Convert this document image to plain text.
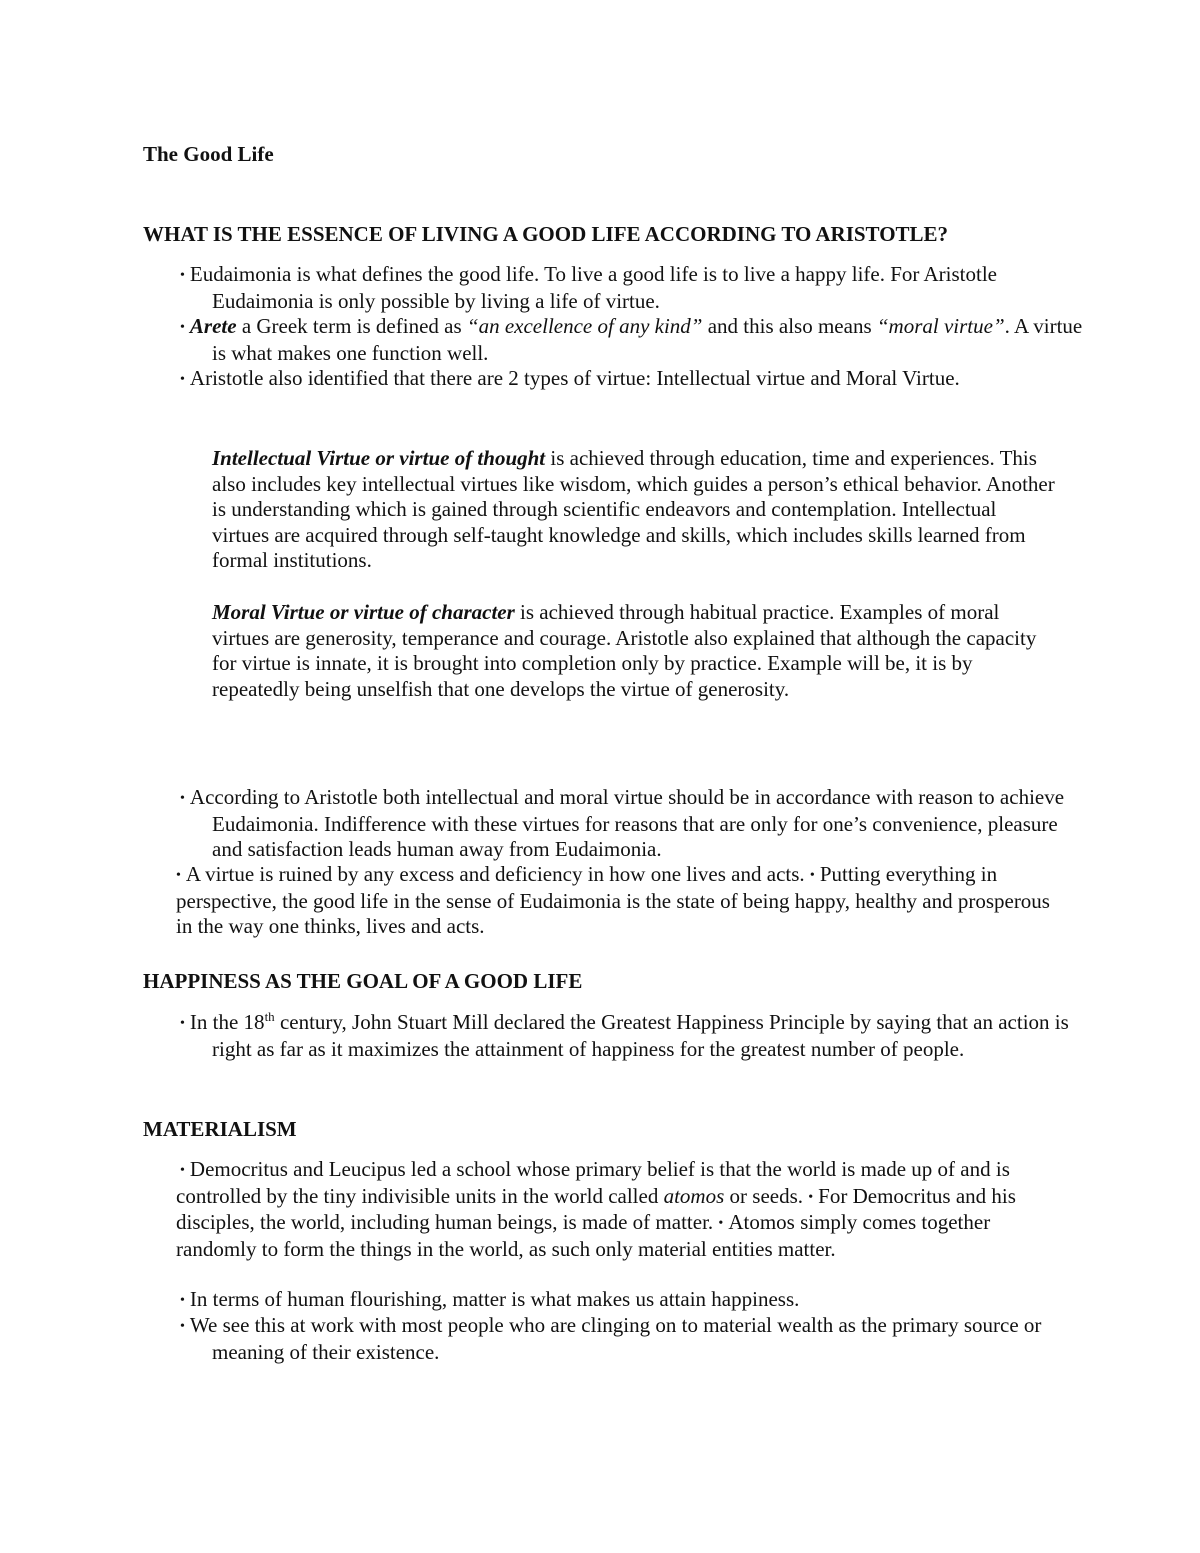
The Good Life

WHAT IS THE ESSENCE OF LIVING A GOOD LIFE ACCORDING TO ARISTOTLE?

• Eudaimonia is what defines the good life. To live a good life is to live a happy life. For Aristotle Eudaimonia is only possible by living a life of virtue.

• Arete a Greek term is defined as “an excellence of any kind” and this also means “moral virtue”. A virtue is what makes one function well.

• Aristotle also identified that there are 2 types of virtue: Intellectual virtue and Moral Virtue.

Intellectual Virtue or virtue of thought is achieved through education, time and experiences. This also includes key intellectual virtues like wisdom, which guides a person’s ethical behavior. Another is understanding which is gained through scientific endeavors and contemplation. Intellectual virtues are acquired through self-taught knowledge and skills, which includes skills learned from formal institutions.

Moral Virtue or virtue of character is achieved through habitual practice. Examples of moral virtues are generosity, temperance and courage. Aristotle also explained that although the capacity for virtue is innate, it is brought into completion only by practice. Example will be, it is by repeatedly being unselfish that one develops the virtue of generosity.

• According to Aristotle both intellectual and moral virtue should be in accordance with reason to achieve Eudaimonia. Indifference with these virtues for reasons that are only for one’s convenience, pleasure and satisfaction leads human away from Eudaimonia.

• A virtue is ruined by any excess and deficiency in how one lives and acts. • Putting everything in perspective, the good life in the sense of Eudaimonia is the state of being happy, healthy and prosperous in the way one thinks, lives and acts.

HAPPINESS AS THE GOAL OF A GOOD LIFE

• In the 18th century, John Stuart Mill declared the Greatest Happiness Principle by saying that an action is right as far as it maximizes the attainment of happiness for the greatest number of people.

MATERIALISM

• Democritus and Leucipus led a school whose primary belief is that the world is made up of and is controlled by the tiny indivisible units in the world called atomos or seeds. • For Democritus and his disciples, the world, including human beings, is made of matter. • Atomos simply comes together randomly to form the things in the world, as such only material entities matter.

• In terms of human flourishing, matter is what makes us attain happiness.

• We see this at work with most people who are clinging on to material wealth as the primary source or meaning of their existence.
